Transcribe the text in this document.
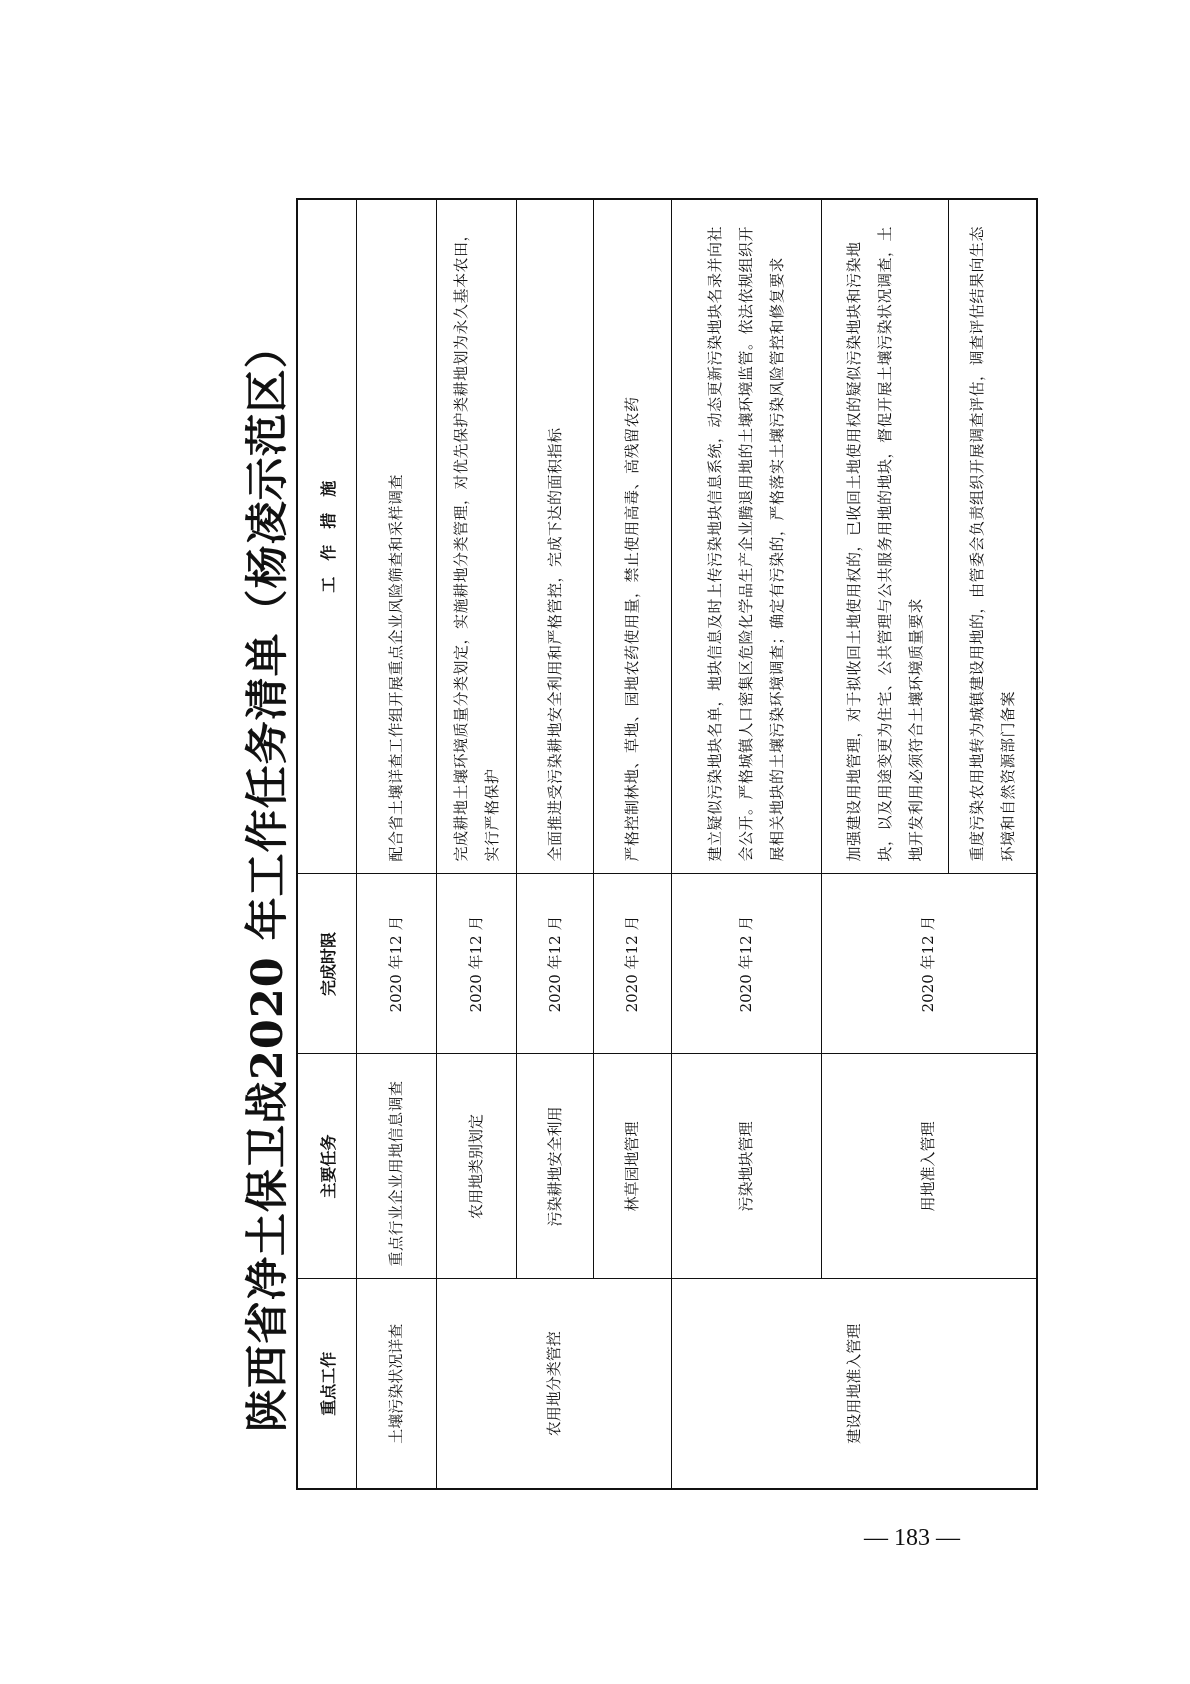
陕西省净土保卫战2020 年工作任务清单（杨凌示范区）	重点工作	主要任务	完成时限	工　作　措　施
土壤污染状况详查	重点行业企业用地信息调查	2020 年12 月	配合省土壤详查工作组开展重点企业风险筛查和采样调查
农用地分类管控	农用地类别划定	2020 年12 月	完成耕地土壤环境质量分类划定，实施耕地分类管理，对优先保护类耕地划为永久基本农田，实行严格保护
	污染耕地安全利用	2020 年12 月	全面推进受污染耕地安全利用和严格管控，完成下达的面积指标
	林草园地管理	2020 年12 月	严格控制林地、草地、园地农药使用量，禁止使用高毒、高残留农药
建设用地准入管理	污染地块管理	2020 年12 月	建立疑似污染地块名单，地块信息及时上传污染地块信息系统，动态更新污染地块名录并向社会公开。严格城镇人口密集区危险化学品生产企业腾退用地的土壤环境监管。依法依规组织开展相关地块的土壤污染环境调查；确定有污染的，严格落实土壤污染风险管控和修复要求
	用地准入管理	2020 年12 月	加强建设用地管理，对于拟收回土地使用权的，已收回土地使用权的疑似污染地块和污染地块，以及用途变更为住宅、公共管理与公共服务用地的地块，督促开展土壤污染状况调查，土地开发利用必须符合土壤环境质量要求
			重度污染农用地转为城镇建设用地的，由管委会负责组织开展调查评估，调查评估结果向生态环境和自然资源部门备案
— 183 —
